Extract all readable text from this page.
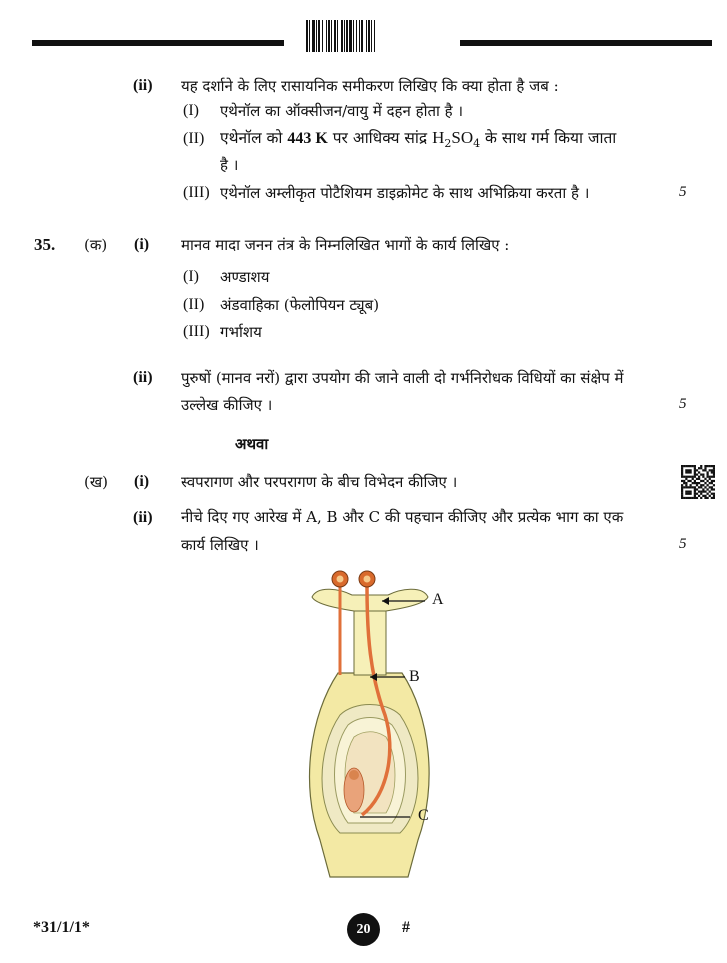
(ii) यह दर्शाने के लिए रासायनिक समीकरण लिखिए कि क्या होता है जब :
(I) एथेनॉल का ऑक्सीजन/वायु में दहन होता है ।
(II) एथेनॉल को 443 K पर आधिक्य सांद्र $H_2SO_4$ के साथ गर्म किया जाता
है ।
(III) एथेनॉल अम्लीकृत पोटैशियम डाइक्रोमेट के साथ अभिक्रिया करता है ।	5
35. (क) (i) मानव मादा जनन तंत्र के निम्नलिखित भागों के कार्य लिखिए :
(I) अण्डाशय
(II) अंडवाहिका (फेलोपियन ट्यूब)
(III) गर्भाशय
(ii) पुरुषों (मानव नरों) द्वारा उपयोग की जाने वाली दो गर्भनिरोधक विधियों का संक्षेप में
उल्लेख कीजिए ।	5
अथवा
(ख) (i) स्वपरागण और परपरागण के बीच विभेदन कीजिए ।
(ii) नीचे दिए गए आरेख में A, B और C की पहचान कीजिए और प्रत्येक भाग का एक
कार्य लिखिए ।	5
A
B
C
*31/1/1*	20	#
